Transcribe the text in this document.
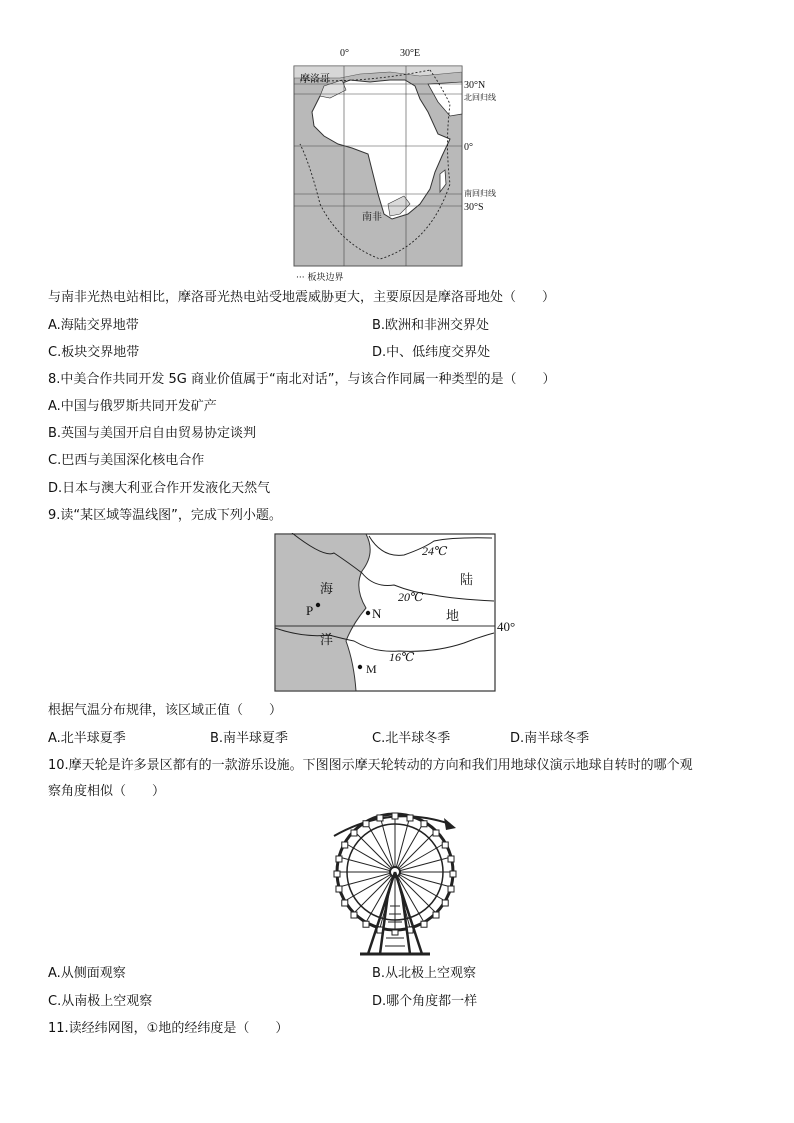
0°	30°E
30°N
北回归线
0°
南回归线
30°S
摩洛哥
南非
··· 板块边界
与南非光热电站相比，摩洛哥光热电站受地震威胁更大，主要原因是摩洛哥地处（　　）
A.海陆交界地带	B.欧洲和非洲交界处
C.板块交界地带	D.中、低纬度交界处
8.中美合作共同开发 5G 商业价值属于“南北对话”，与该合作同属一种类型的是（　　）
A.中国与俄罗斯共同开发矿产
B.英国与美国开启自由贸易协定谈判
C.巴西与美国深化核电合作
D.日本与澳大利亚合作开发液化天然气
9.读“某区域等温线图”，完成下列小题。
24℃
20℃
16℃
海
洋
陆
地
40°
P	N
M
根据气温分布规律，该区域正值（　　）
A.北半球夏季	B.南半球夏季	C.北半球冬季	D.南半球冬季
10.摩天轮是许多景区都有的一款游乐设施。下图图示摩天轮转动的方向和我们用地球仪演示地球自转时的哪个观
察角度相似（　　）
A.从侧面观察	B.从北极上空观察
C.从南极上空观察	D.哪个角度都一样
11.读经纬网图，①地的经纬度是（　　）
